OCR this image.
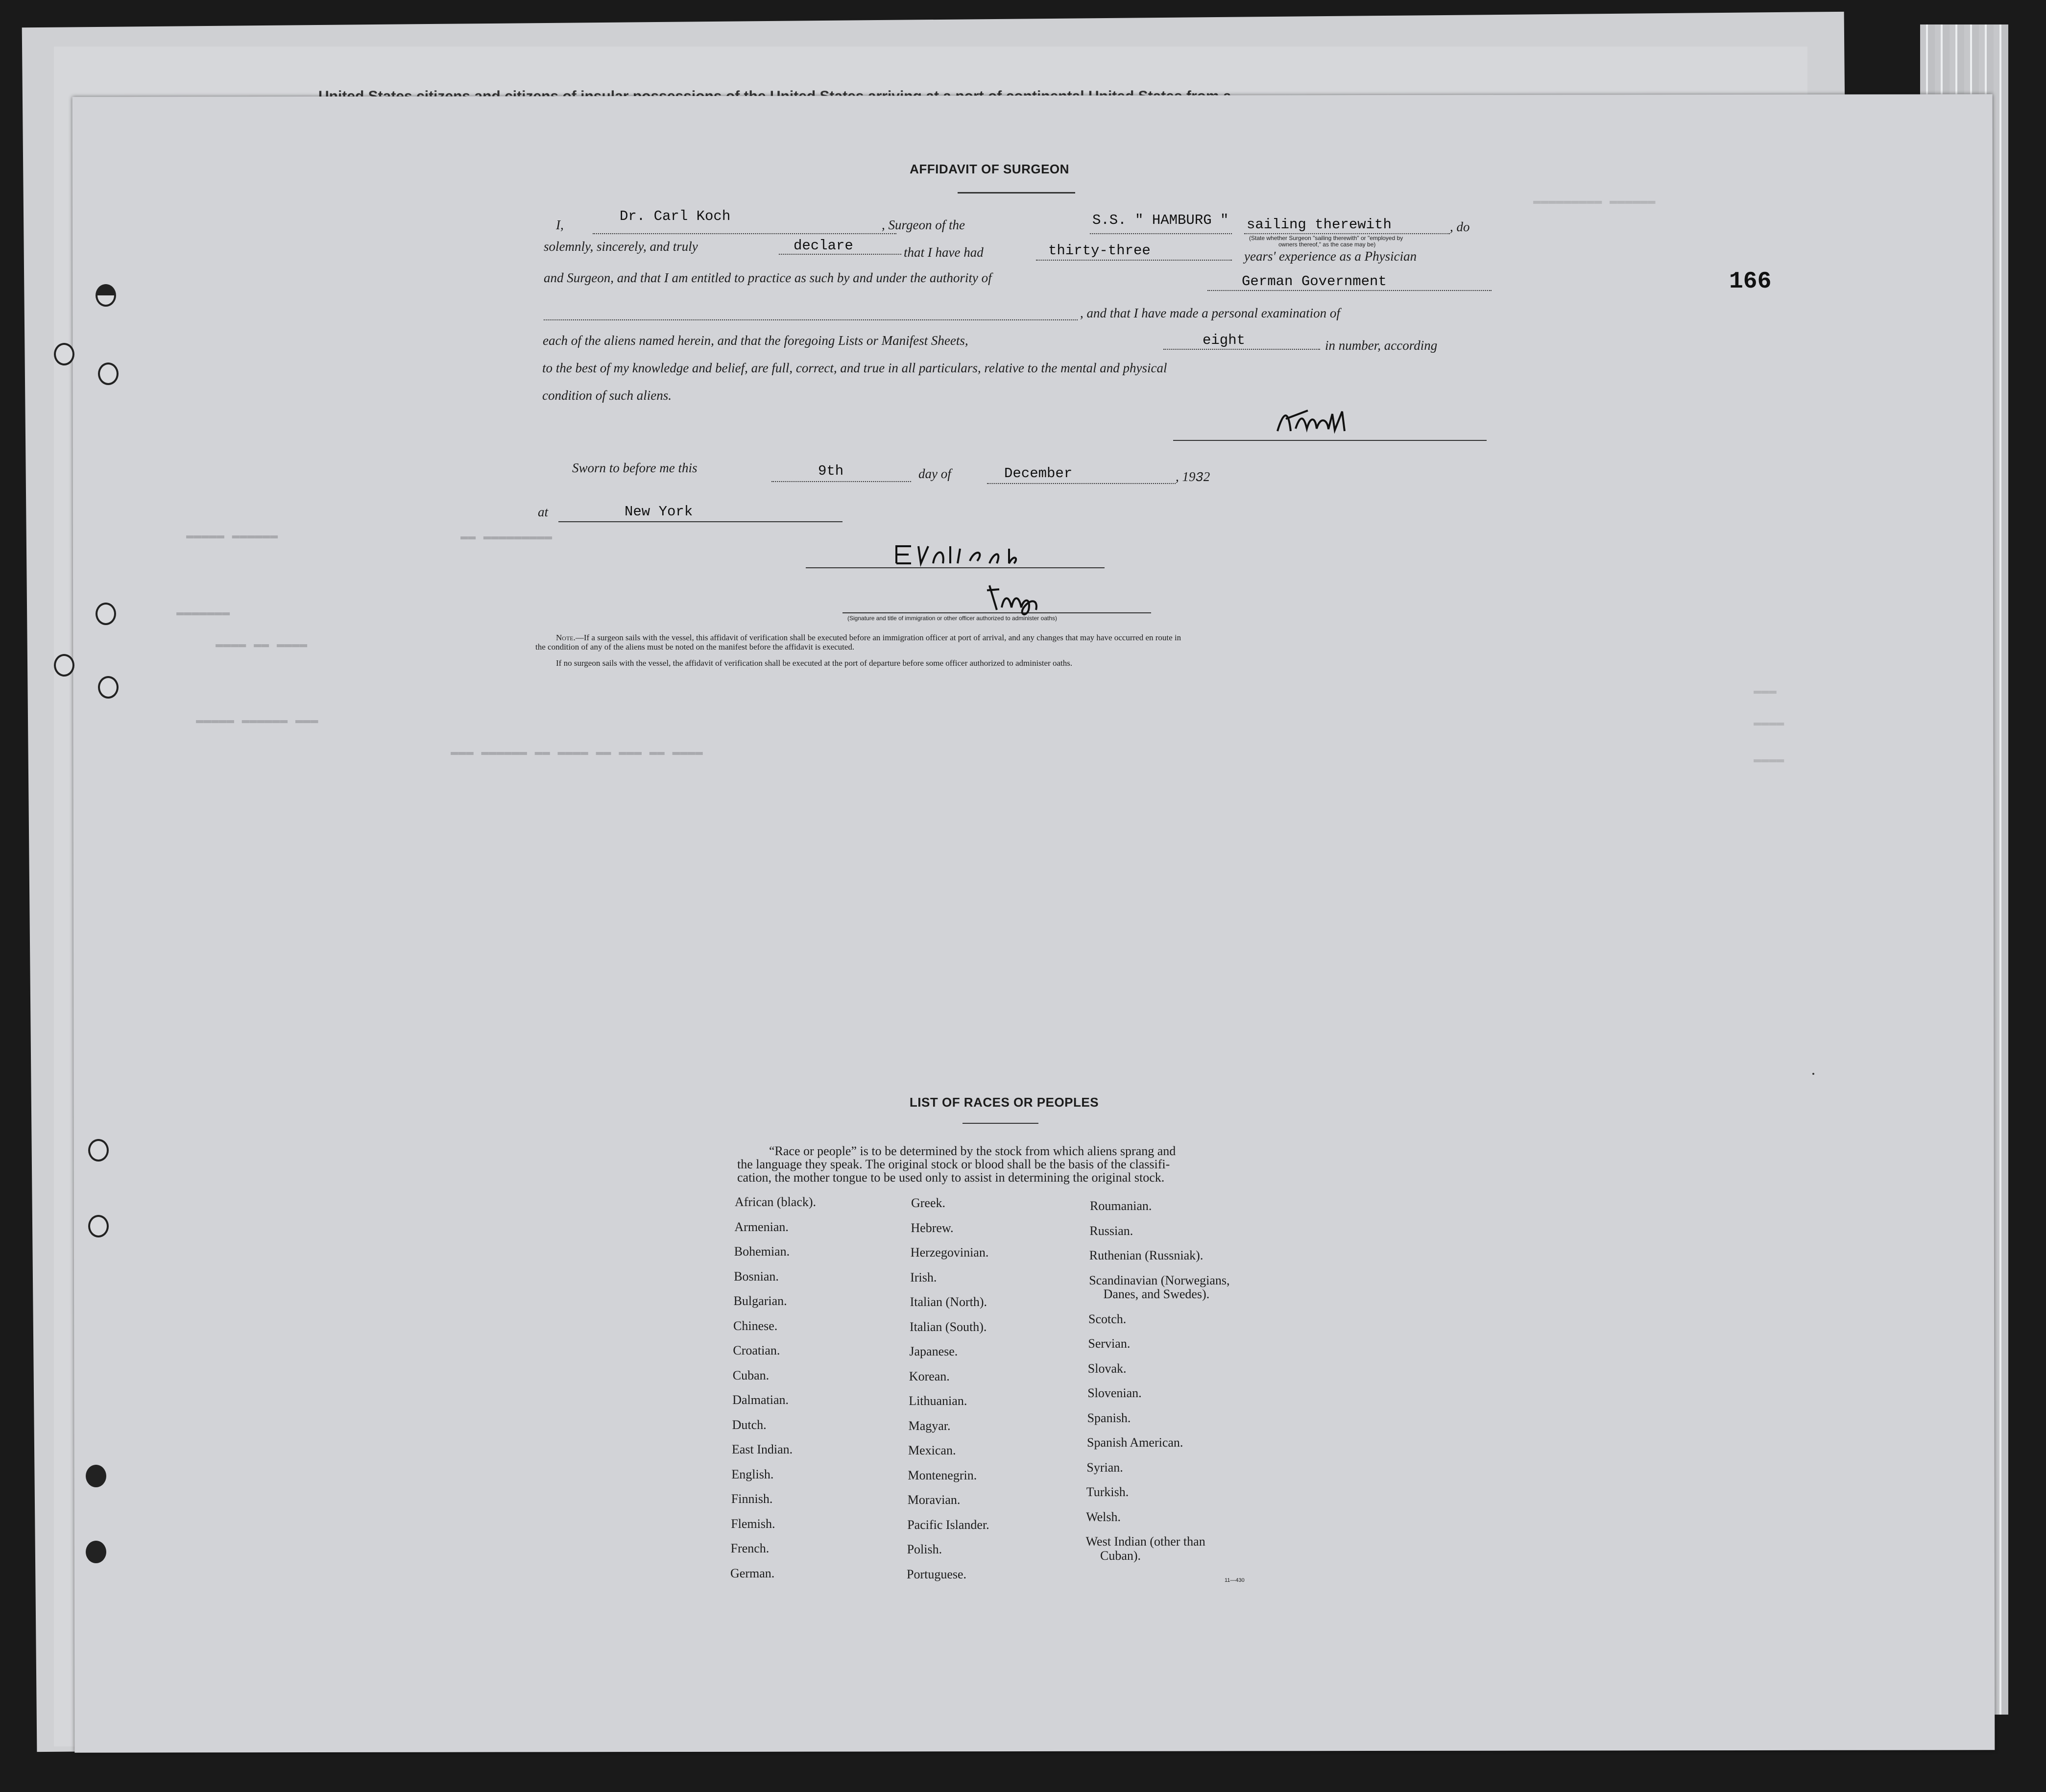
▬▬▬▬▬ ▬▬▬▬▬▬	▬▬ ▬▬▬▬▬▬▬▬▬
▬▬▬▬▬▬▬
▬▬▬▬ ▬▬ ▬▬▬▬
▬▬▬▬▬ ▬▬▬▬▬▬ ▬▬▬
▬▬▬ ▬▬▬▬▬▬ ▬▬ ▬▬▬▬ ▬▬ ▬▬▬ ▬▬ ▬▬▬▬
▬▬▬▬▬▬▬▬▬ ▬▬▬▬▬▬
▬▬▬
▬▬▬▬
▬▬▬▬
166
AFFIDAVIT OF SURGEON
I,
Dr. Carl Koch
, Surgeon of the	S.S. " HAMBURG " sailing therewith	, do
(State whether Surgeon "sailing therewith" or "employed by
owners thereof," as the case may be)
solemnly, sincerely, and truly	declare	that I have had	thirty-three	years' experience as a Physician
and Surgeon, and that I am entitled to practice as such by and under the authority of	German Government
, and that I have made a personal examination of
each of the aliens named herein, and that the foregoing Lists or Manifest Sheets,	eight	in number, according
to the best of my knowledge and belief, are full, correct, and true in all particulars, relative to the mental and physical
condition of such aliens.
Sworn to before me this	9th	day of	December	, 1932
at	New York
(Signature and title of immigration or other officer authorized to administer oaths)
Note.—If a surgeon sails with the vessel, this affidavit of verification shall be executed before an immigration officer at port of arrival, and any changes that may have occurred en route in
the condition of any of the aliens must be noted on the manifest before the affidavit is executed.
If no surgeon sails with the vessel, the affidavit of verification shall be executed at the port of departure before some officer authorized to administer oaths.
LIST OF RACES OR PEOPLES
“Race or people” is to be determined by the stock from which aliens sprang and
the language they speak. The original stock or blood shall be the basis of the classifi-
cation, the mother tongue to be used only to assist in determining the original stock.
African (black).
Armenian.
Bohemian.
Bosnian.
Bulgarian.
Chinese.
Croatian.
Cuban.
Dalmatian.
Dutch.
East Indian.
English.
Finnish.
Flemish.
French.
German.
Greek.
Hebrew.
Herzegovinian.
Irish.
Italian (North).
Italian (South).
Japanese.
Korean.
Lithuanian.
Magyar.
Mexican.
Montenegrin.
Moravian.
Pacific Islander.
Polish.
Portuguese.
Roumanian.
Russian.
Ruthenian (Russniak).
Scandinavian (Norwegians,
Danes, and Swedes).
Scotch.
Servian.
Slovak.
Slovenian.
Spanish.
Spanish American.
Syrian.
Turkish.
Welsh.
West Indian (other than
Cuban).
11—430
